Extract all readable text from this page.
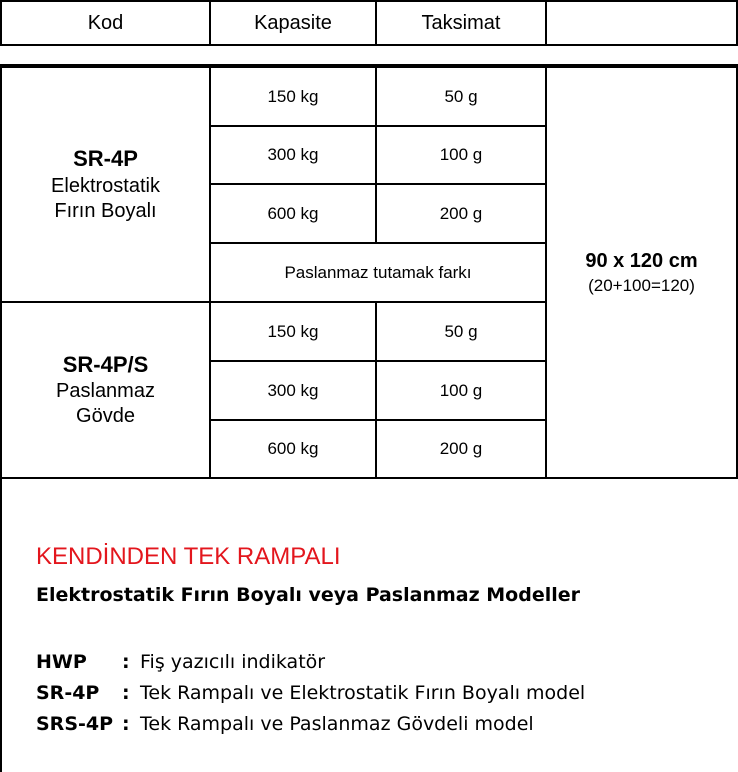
Kod	Kapasite	Taksimat
SR-4P
Elektrostatik
Fırın Boyalı
150 kg	50 g
300 kg	100 g
600 kg	200 g
Paslanmaz tutamak farkı
SR-4P/S
Paslanmaz
Gövde
150 kg	50 g
300 kg	100 g
600 kg	200 g
90 x 120 cm
(20+100=120)
KENDİNDEN TEK RAMPALI
Elektrostatik Fırın Boyalı veya Paslanmaz Modeller
HWP	: Fiş yazıcılı indikatör
SR-4P	: Tek Rampalı ve Elektrostatik Fırın Boyalı model
SRS-4P : Tek Rampalı ve Paslanmaz Gövdeli model
